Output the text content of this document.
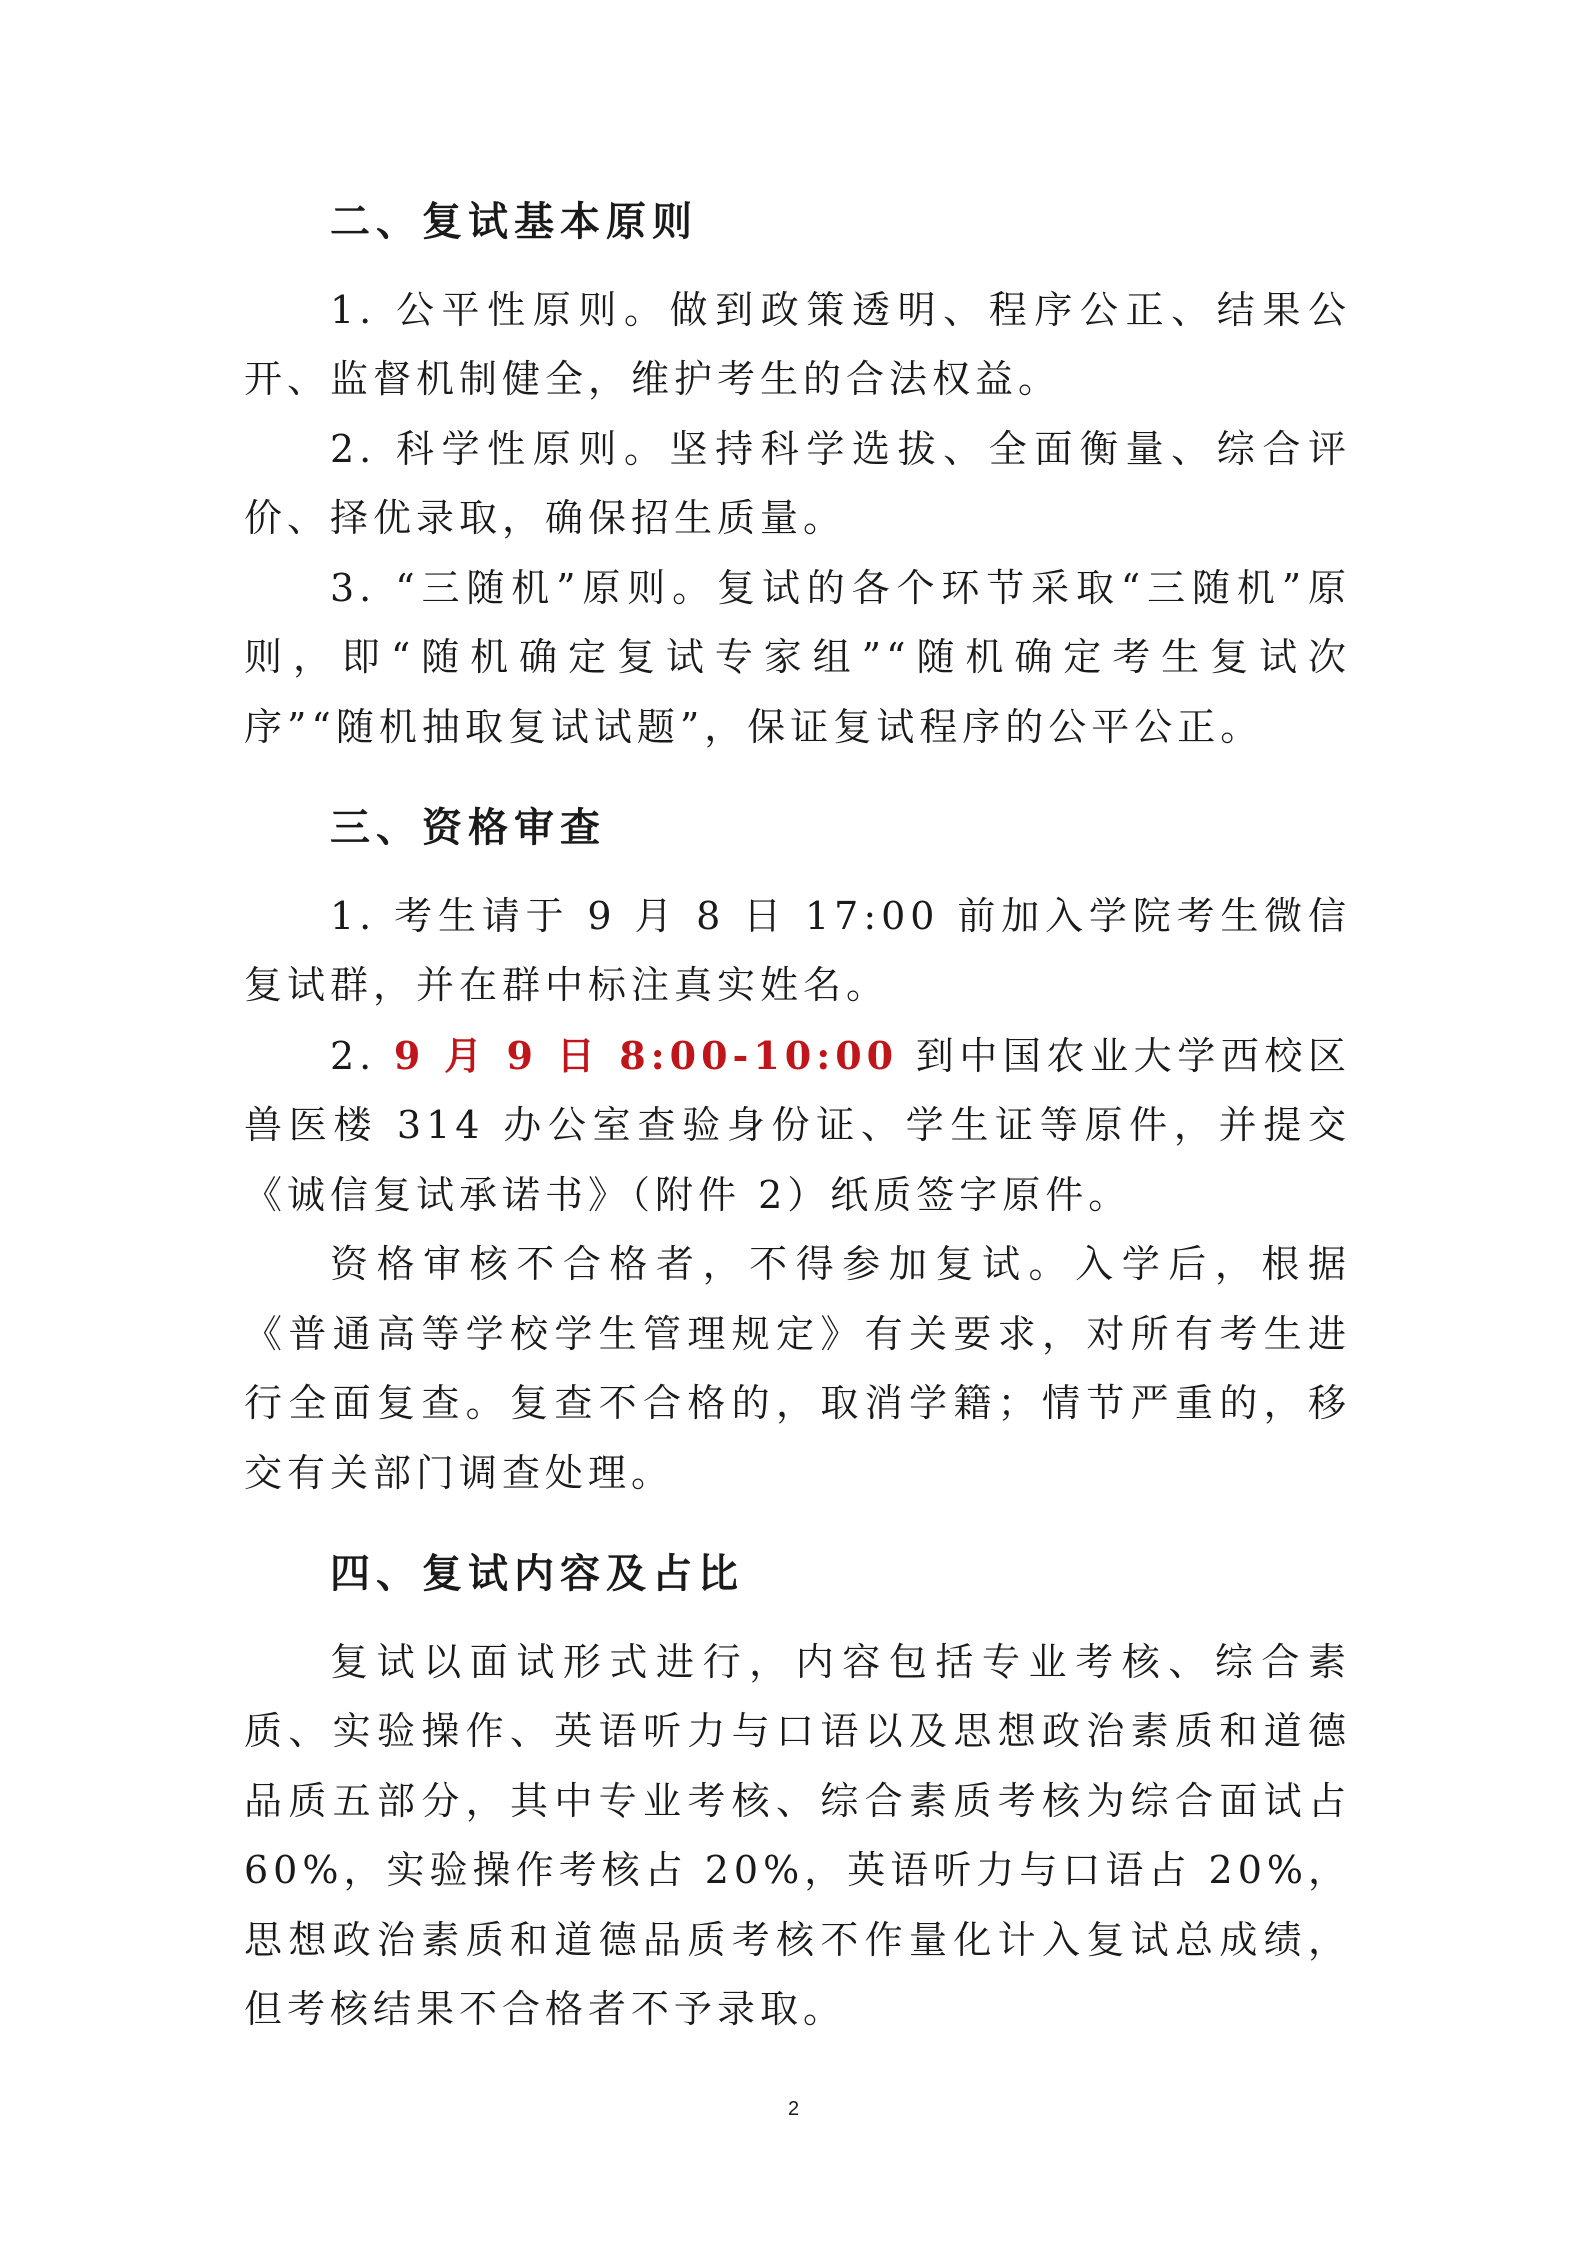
二、复试基本原则

1. 公平性原则。做到政策透明、程序公正、结果公开、监督机制健全，维护考生的合法权益。

2. 科学性原则。坚持科学选拔、全面衡量、综合评价、择优录取，确保招生质量。

3. “三随机”原则。复试的各个环节采取“三随机”原则，即“随机确定复试专家组”“随机确定考生复试次序”“随机抽取复试试题”，保证复试程序的公平公正。

三、资格审查

1. 考生请于 9 月 8 日 17:00 前加入学院考生微信复试群，并在群中标注真实姓名。

2. 9 月 9 日 8:00-10:00 到中国农业大学西校区兽医楼 314 办公室查验身份证、学生证等原件，并提交《诚信复试承诺书》（附件 2）纸质签字原件。

资格审核不合格者，不得参加复试。入学后，根据《普通高等学校学生管理规定》有关要求，对所有考生进行全面复查。复查不合格的，取消学籍；情节严重的，移交有关部门调查处理。

四、复试内容及占比

复试以面试形式进行，内容包括专业考核、综合素质、实验操作、英语听力与口语以及思想政治素质和道德品质五部分，其中专业考核、综合素质考核为综合面试占 60%，实验操作考核占 20%，英语听力与口语占 20%，思想政治素质和道德品质考核不作量化计入复试总成绩，但考核结果不合格者不予录取。

2
